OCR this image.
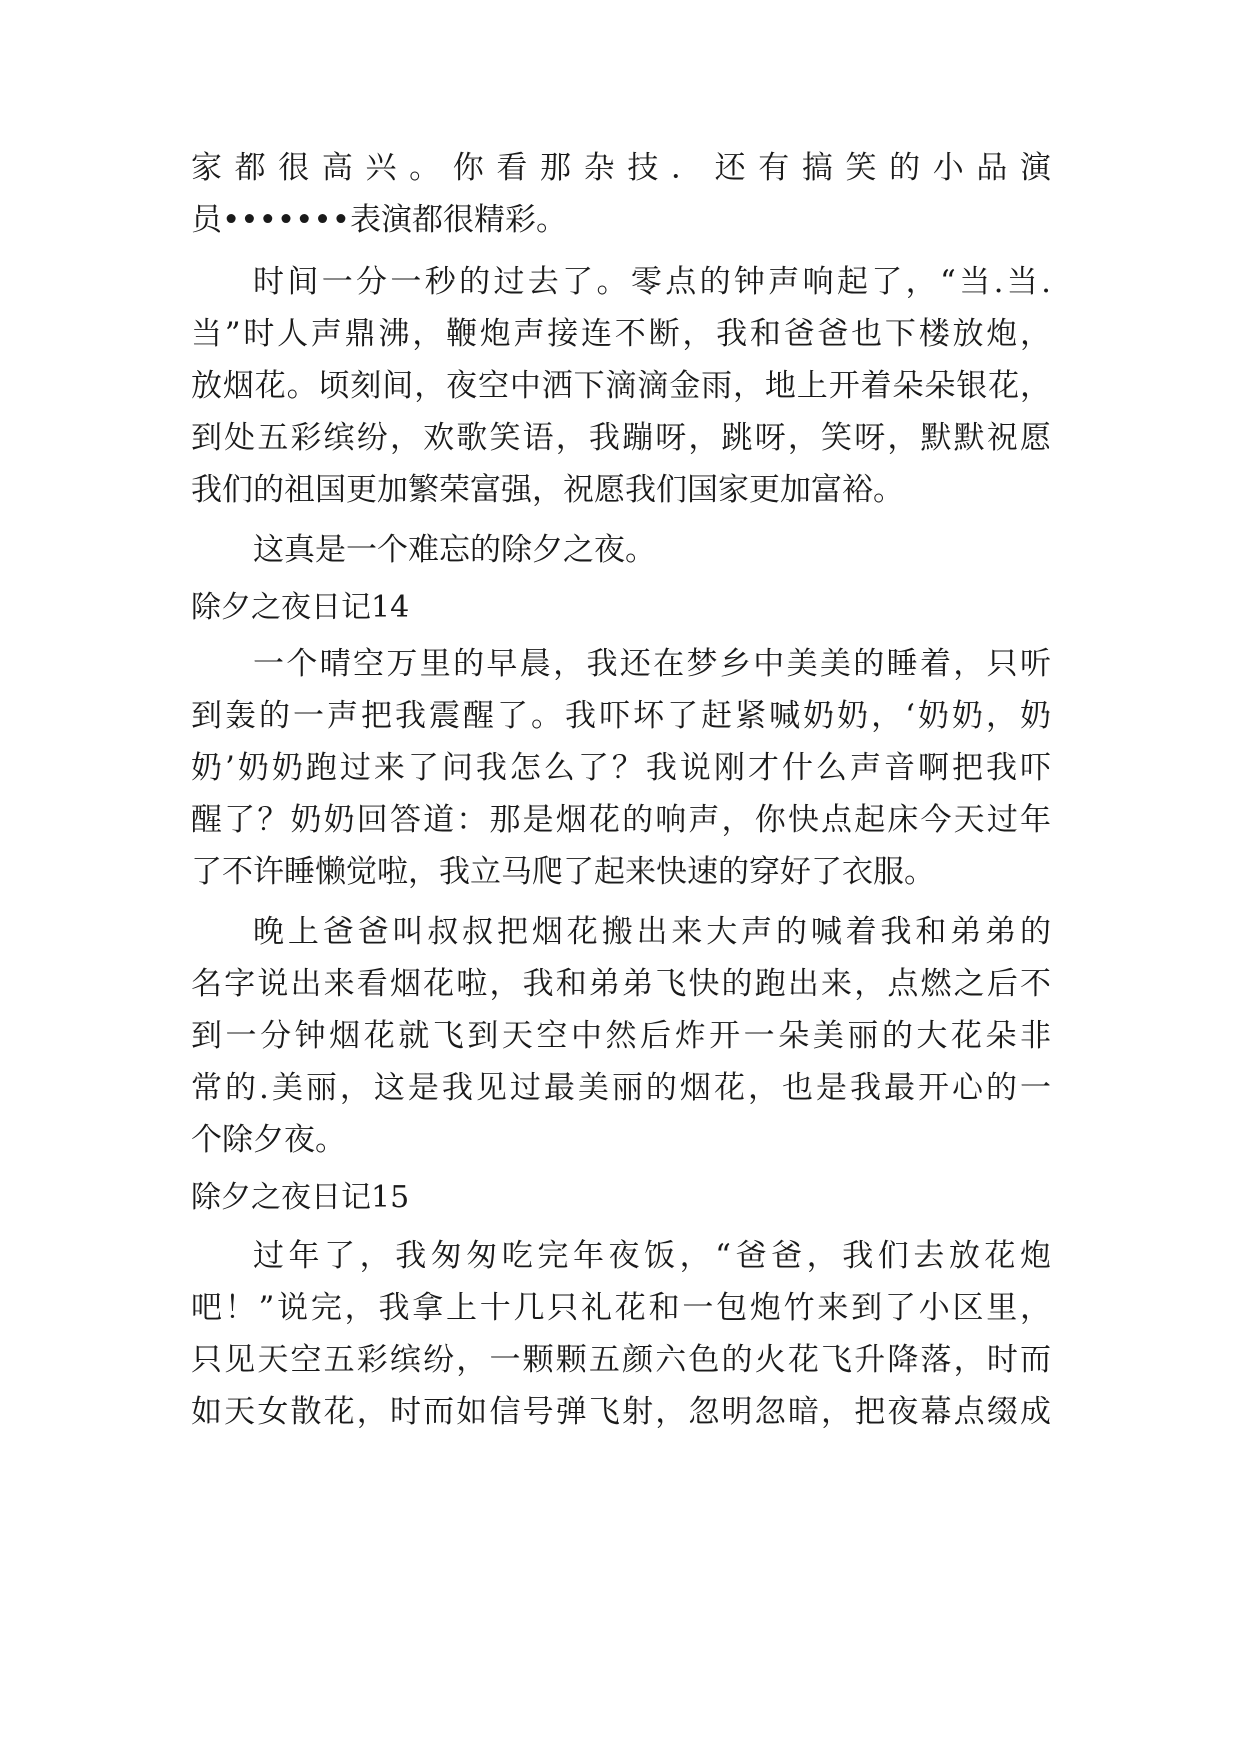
家都很高兴。你看那杂技．还有搞笑的小品演
员•••••••表演都很精彩。
时间一分一秒的过去了。零点的钟声响起了，“当.当.
当”时人声鼎沸，鞭炮声接连不断，我和爸爸也下楼放炮，
放烟花。顷刻间，夜空中洒下滴滴金雨，地上开着朵朵银花，
到处五彩缤纷，欢歌笑语，我蹦呀，跳呀，笑呀，默默祝愿
我们的祖国更加繁荣富强，祝愿我们国家更加富裕。
这真是一个难忘的除夕之夜。
除夕之夜日记14
一个晴空万里的早晨，我还在梦乡中美美的睡着，只听
到轰的一声把我震醒了。我吓坏了赶紧喊奶奶，‘奶奶，奶
奶’奶奶跑过来了问我怎么了？我说刚才什么声音啊把我吓
醒了？奶奶回答道：那是烟花的响声，你快点起床今天过年
了不许睡懒觉啦，我立马爬了起来快速的穿好了衣服。
晚上爸爸叫叔叔把烟花搬出来大声的喊着我和弟弟的
名字说出来看烟花啦，我和弟弟飞快的跑出来，点燃之后不
到一分钟烟花就飞到天空中然后炸开一朵美丽的大花朵非
常的.美丽，这是我见过最美丽的烟花，也是我最开心的一
个除夕夜。
除夕之夜日记15
过年了，我匆匆吃完年夜饭，“爸爸，我们去放花炮
吧！”说完，我拿上十几只礼花和一包炮竹来到了小区里，
只见天空五彩缤纷，一颗颗五颜六色的火花飞升降落，时而
如天女散花，时而如信号弹飞射，忽明忽暗，把夜幕点缀成
